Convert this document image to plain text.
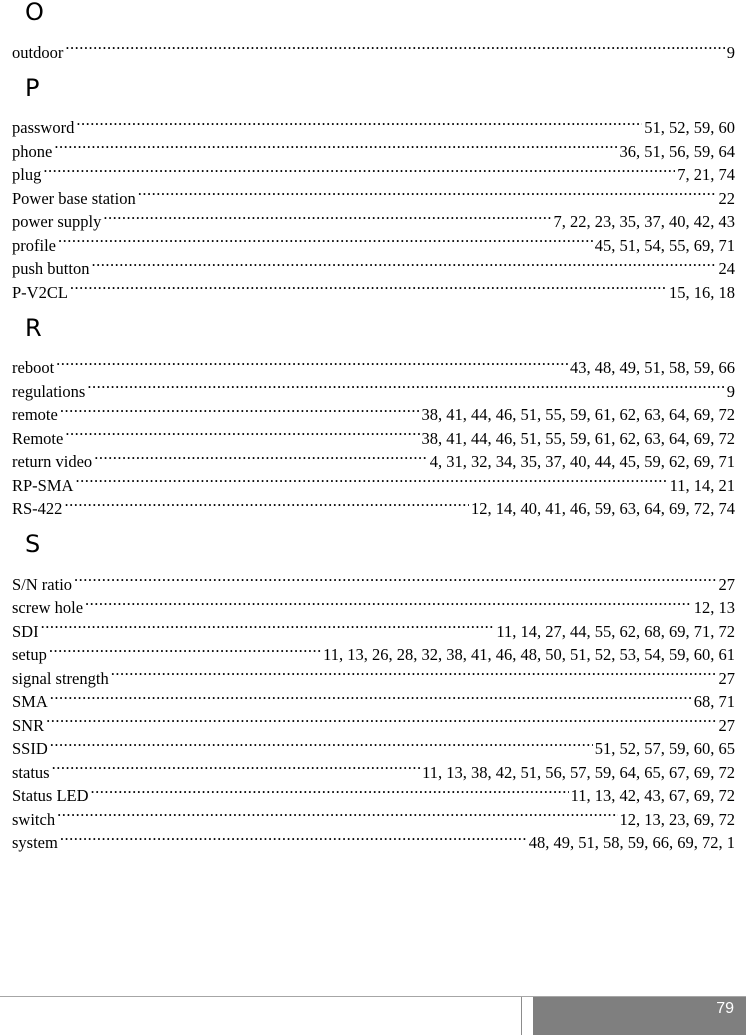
O
outdoor .....	9
P
password .....	51, 52, 59, 60
phone .....	36, 51, 56, 59, 64
plug .....	7, 21, 74
Power base station .....	22
power supply .....	7, 22, 23, 35, 37, 40, 42, 43
profile .....	45, 51, 54, 55, 69, 71
push button .....	24
P-V2CL .....	15, 16, 18
R
reboot .....	43, 48, 49, 51, 58, 59, 66
regulations .....	9
remote .....	38, 41, 44, 46, 51, 55, 59, 61, 62, 63, 64, 69, 72
Remote .....	38, 41, 44, 46, 51, 55, 59, 61, 62, 63, 64, 69, 72
return video .....	4, 31, 32, 34, 35, 37, 40, 44, 45, 59, 62, 69, 71
RP-SMA .....	11, 14, 21
RS-422 .....	12, 14, 40, 41, 46, 59, 63, 64, 69, 72, 74
S
S/N ratio .....	27
screw hole .....	12, 13
SDI .....	11, 14, 27, 44, 55, 62, 68, 69, 71, 72
setup .....	11, 13, 26, 28, 32, 38, 41, 46, 48, 50, 51, 52, 53, 54, 59, 60, 61
signal strength .....	27
SMA .....	68, 71
SNR .....	27
SSID .....	51, 52, 57, 59, 60, 65
status .....	11, 13, 38, 42, 51, 56, 57, 59, 64, 65, 67, 69, 72
Status LED .....	11, 13, 42, 43, 67, 69, 72
switch .....	12, 13, 23, 69, 72
system .....	48, 49, 51, 58, 59, 66, 69, 72, 1
79
